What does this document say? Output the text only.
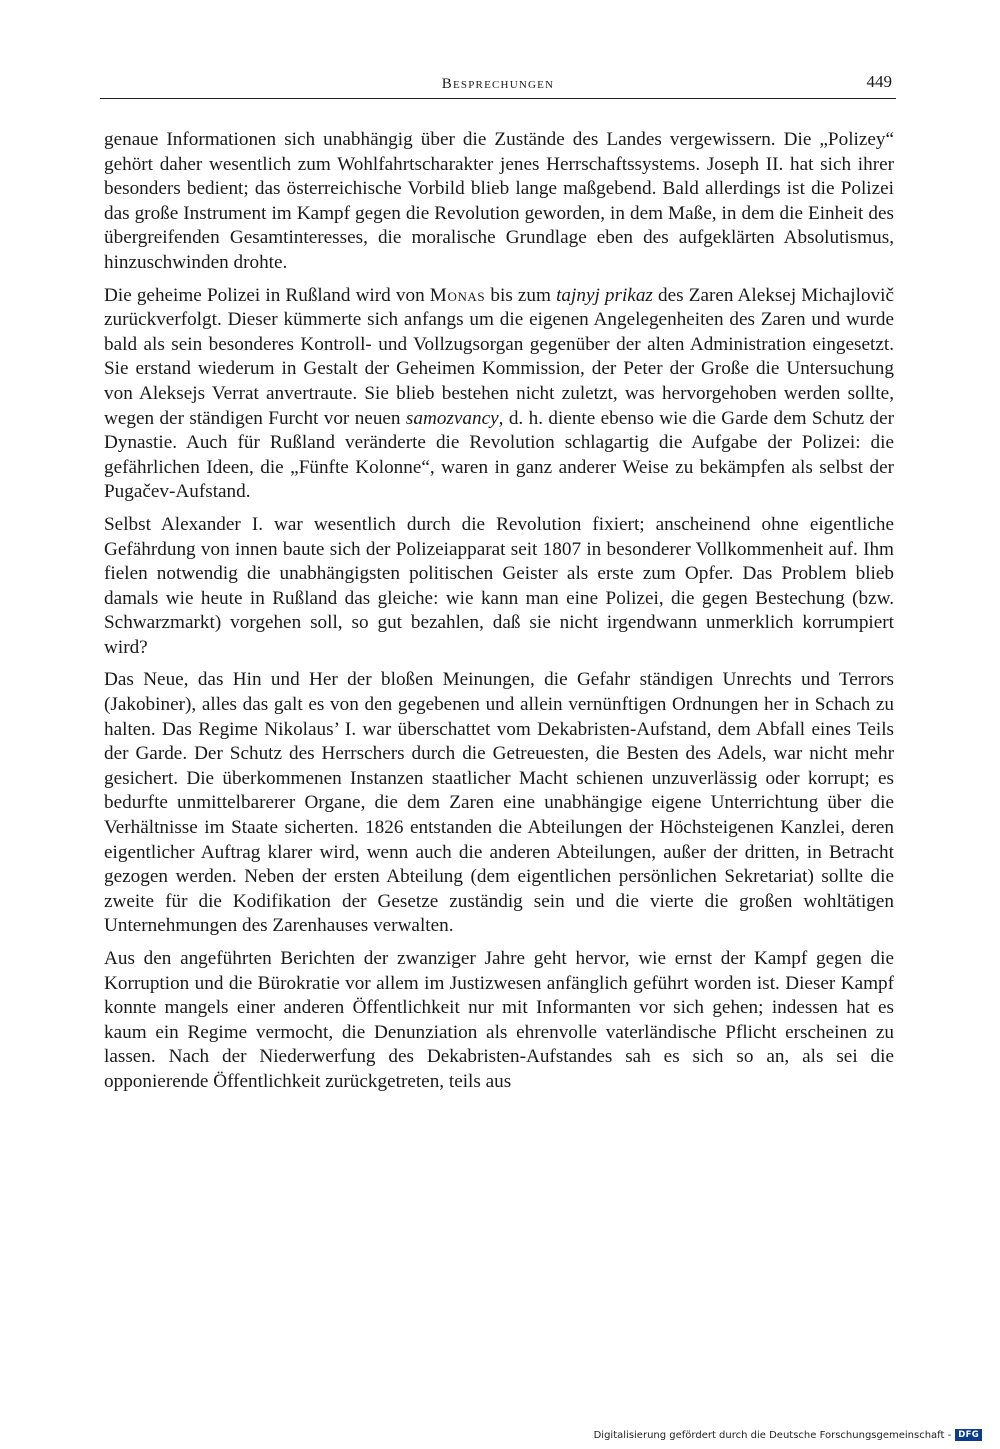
Besprechungen	449

genaue Informationen sich unabhängig über die Zustände des Landes vergewissern. Die „Polizey“ gehört daher wesentlich zum Wohlfahrtscharakter jenes Herrschaftssystems. Joseph II. hat sich ihrer besonders bedient; das österreichische Vorbild blieb lange maßgebend. Bald allerdings ist die Polizei das große Instrument im Kampf gegen die Revolution geworden, in dem Maße, in dem die Einheit des übergreifenden Gesamtinteresses, die moralische Grundlage eben des aufgeklärten Absolutismus, hinzuschwinden drohte.

Die geheime Polizei in Rußland wird von Monas bis zum tajnyj prikaz des Zaren Aleksej Michajlovič zurückverfolgt. Dieser kümmerte sich anfangs um die eigenen Angelegenheiten des Zaren und wurde bald als sein besonderes Kontroll- und Vollzugsorgan gegenüber der alten Administration eingesetzt. Sie erstand wiederum in Gestalt der Geheimen Kommission, der Peter der Große die Untersuchung von Aleksejs Verrat anvertraute. Sie blieb bestehen nicht zuletzt, was hervorgehoben werden sollte, wegen der ständigen Furcht vor neuen samozvancy, d. h. diente ebenso wie die Garde dem Schutz der Dynastie. Auch für Rußland veränderte die Revolution schlagartig die Aufgabe der Polizei: die gefährlichen Ideen, die „Fünfte Kolonne“, waren in ganz anderer Weise zu bekämpfen als selbst der Pugačev-Aufstand.

Selbst Alexander I. war wesentlich durch die Revolution fixiert; anscheinend ohne eigentliche Gefährdung von innen baute sich der Polizeiapparat seit 1807 in besonderer Vollkommenheit auf. Ihm fielen notwendig die unabhängigsten politischen Geister als erste zum Opfer. Das Problem blieb damals wie heute in Rußland das gleiche: wie kann man eine Polizei, die gegen Bestechung (bzw. Schwarzmarkt) vorgehen soll, so gut bezahlen, daß sie nicht irgendwann unmerklich korrumpiert wird?

Das Neue, das Hin und Her der bloßen Meinungen, die Gefahr ständigen Unrechts und Terrors (Jakobiner), alles das galt es von den gegebenen und allein vernünftigen Ordnungen her in Schach zu halten. Das Regime Nikolaus’ I. war überschattet vom Dekabristen-Aufstand, dem Abfall eines Teils der Garde. Der Schutz des Herrschers durch die Getreuesten, die Besten des Adels, war nicht mehr gesichert. Die überkommenen Instanzen staatlicher Macht schienen unzuverlässig oder korrupt; es bedurfte unmittelbarerer Organe, die dem Zaren eine unabhängige eigene Unterrichtung über die Verhältnisse im Staate sicherten. 1826 entstanden die Abteilungen der Höchsteigenen Kanzlei, deren eigentlicher Auftrag klarer wird, wenn auch die anderen Abteilungen, außer der dritten, in Betracht gezogen werden. Neben der ersten Abteilung (dem eigentlichen persönlichen Sekretariat) sollte die zweite für die Kodifikation der Gesetze zuständig sein und die vierte die großen wohltätigen Unternehmungen des Zarenhauses verwalten.

Aus den angeführten Berichten der zwanziger Jahre geht hervor, wie ernst der Kampf gegen die Korruption und die Bürokratie vor allem im Justizwesen anfänglich geführt worden ist. Dieser Kampf konnte mangels einer anderen Öffentlichkeit nur mit Informanten vor sich gehen; indessen hat es kaum ein Regime vermocht, die Denunziation als ehrenvolle vaterländische Pflicht erscheinen zu lassen. Nach der Niederwerfung des Dekabristen-Aufstandes sah es sich so an, als sei die opponierende Öffentlichkeit zurückgetreten, teils aus

Digitalisierung gefördert durch die Deutsche Forschungsgemeinschaft - DFG
